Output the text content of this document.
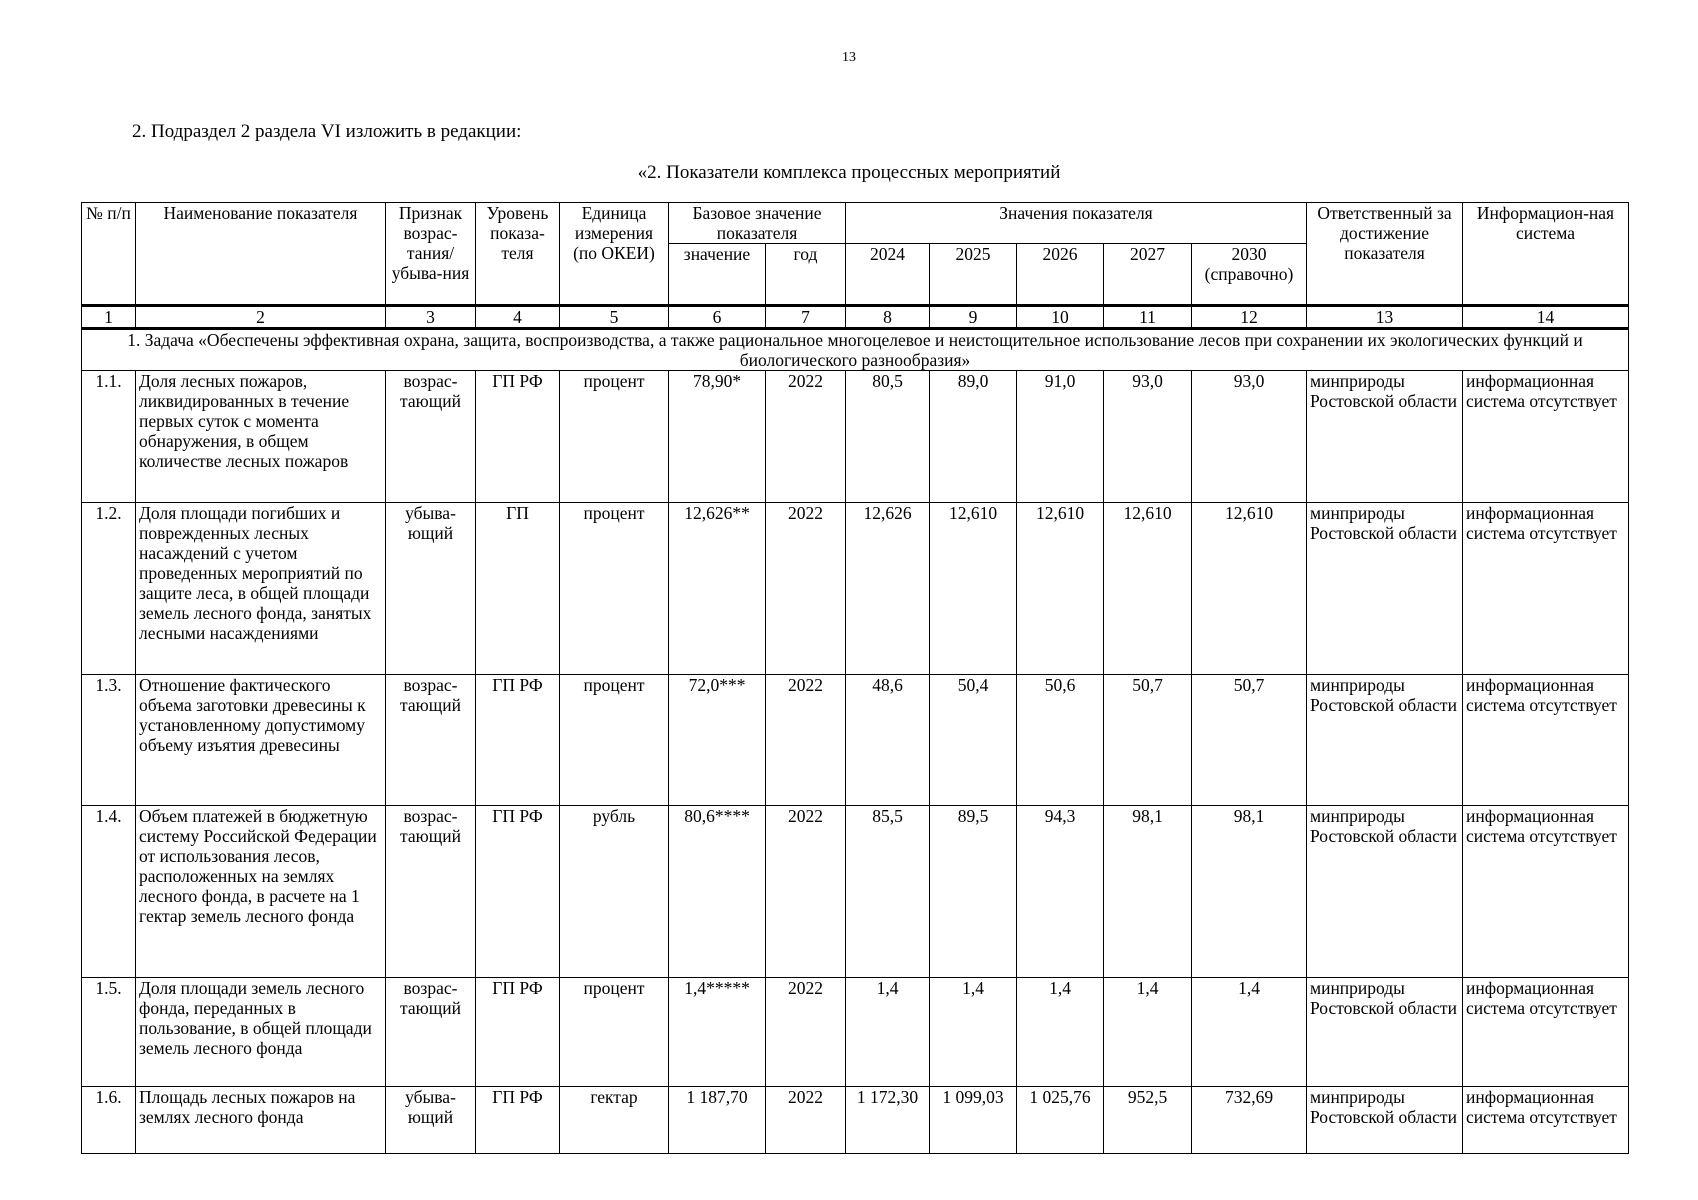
13
2. Подраздел 2 раздела VI изложить в редакции:
«2. Показатели комплекса процессных мероприятий
№ п/п	Наименование показателя	Признак возрас-тания/ убыва-ния	Уровень показа-теля	Единица измерения (по ОКЕИ)	Базовое значение показателя		Значения показателя					Ответственный за достижение показателя	Информацион-ная система
					значение	год	2024	2025	2026	2027	2030 (справочно)		
1	2	3	4	5	6	7	8	9	10	11	12	13	14
1. Задача «Обеспечены эффективная охрана, защита, воспроизводства, а также рациональное многоцелевое и неистощительное использование лесов при сохранении их экологических функций и биологического разнообразия»													
1.1.	Доля лесных пожаров, ликвидированных в течение первых суток с момента обнаружения, в общем количестве лесных пожаров	возрас-тающий	ГП РФ	процент	78,90*	2022	80,5	89,0	91,0	93,0	93,0	минприроды Ростовской области	информационная система отсутствует
1.2.	Доля площади погибших и поврежденных лесных насаждений с учетом проведенных мероприятий по защите леса, в общей площади земель лесного фонда, занятых лесными насаждениями	убыва-ющий	ГП	процент	12,626**	2022	12,626	12,610	12,610	12,610	12,610	минприроды Ростовской области	информационная система отсутствует
1.3.	Отношение фактического объема заготовки древесины к установленному допустимому объему изъятия древесины	возрас-тающий	ГП РФ	процент	72,0***	2022	48,6	50,4	50,6	50,7	50,7	минприроды Ростовской области	информационная система отсутствует
1.4.	Объем платежей в бюджетную систему Российской Федерации от использования лесов, расположенных на землях лесного фонда, в расчете на 1 гектар земель лесного фонда	возрас-тающий	ГП РФ	рубль	80,6****	2022	85,5	89,5	94,3	98,1	98,1	минприроды Ростовской области	информационная система отсутствует
1.5.	Доля площади земель лесного фонда, переданных в пользование, в общей площади земель лесного фонда	возрас-тающий	ГП РФ	процент	1,4*****	2022	1,4	1,4	1,4	1,4	1,4	минприроды Ростовской области	информационная система отсутствует
1.6.	Площадь лесных пожаров на землях лесного фонда	убыва-ющий	ГП РФ	гектар	1 187,70	2022	1 172,30	1 099,03	1 025,76	952,5	732,69	минприроды Ростовской области	информационная система отсутствует
